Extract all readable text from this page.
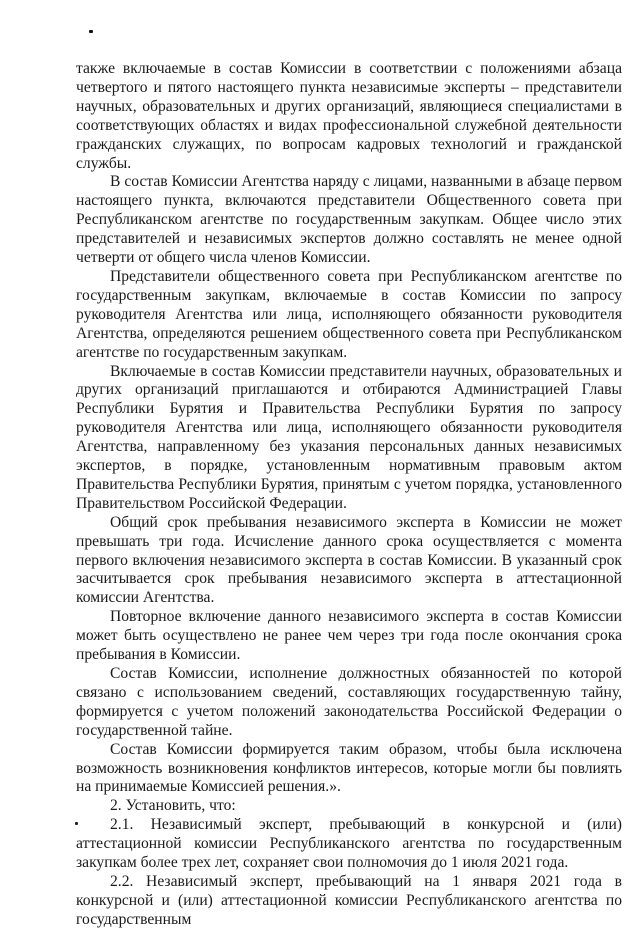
также включаемые в состав Комиссии в соответствии с положениями абзаца четвертого и пятого настоящего пункта независимые эксперты – представители научных, образовательных и других организаций, являющиеся специалистами в соответствующих областях и видах профессиональной служебной деятельности гражданских служащих, по вопросам кадровых технологий и гражданской службы.

В состав Комиссии Агентства наряду с лицами, названными в абзаце первом настоящего пункта, включаются представители Общественного совета при Республиканском агентстве по государственным закупкам. Общее число этих представителей и независимых экспертов должно составлять не менее одной четверти от общего числа членов Комиссии.

Представители общественного совета при Республиканском агентстве по государственным закупкам, включаемые в состав Комиссии по запросу руководителя Агентства или лица, исполняющего обязанности руководителя Агентства, определяются решением общественного совета при Республиканском агентстве по государственным закупкам.

Включаемые в состав Комиссии представители научных, образовательных и других организаций приглашаются и отбираются Администрацией Главы Республики Бурятия и Правительства Республики Бурятия по запросу руководителя Агентства или лица, исполняющего обязанности руководителя Агентства, направленному без указания персональных данных независимых экспертов, в порядке, установленным нормативным правовым актом Правительства Республики Бурятия, принятым с учетом порядка, установленного Правительством Российской Федерации.

Общий срок пребывания независимого эксперта в Комиссии не может превышать три года. Исчисление данного срока осуществляется с момента первого включения независимого эксперта в состав Комиссии. В указанный срок засчитывается срок пребывания независимого эксперта в аттестационной комиссии Агентства.

Повторное включение данного независимого эксперта в состав Комиссии может быть осуществлено не ранее чем через три года после окончания срока пребывания в Комиссии.

Состав Комиссии, исполнение должностных обязанностей по которой связано с использованием сведений, составляющих государственную тайну, формируется с учетом положений законодательства Российской Федерации о государственной тайне.

Состав Комиссии формируется таким образом, чтобы была исключена возможность возникновения конфликтов интересов, которые могли бы повлиять на принимаемые Комиссией решения.».

2. Установить, что:

2.1. Независимый эксперт, пребывающий в конкурсной и (или) аттестационной комиссии Республиканского агентства по государственным закупкам более трех лет, сохраняет свои полномочия до 1 июля 2021 года.

2.2. Независимый эксперт, пребывающий на 1 января 2021 года в конкурсной и (или) аттестационной комиссии Республиканского агентства по государственным
